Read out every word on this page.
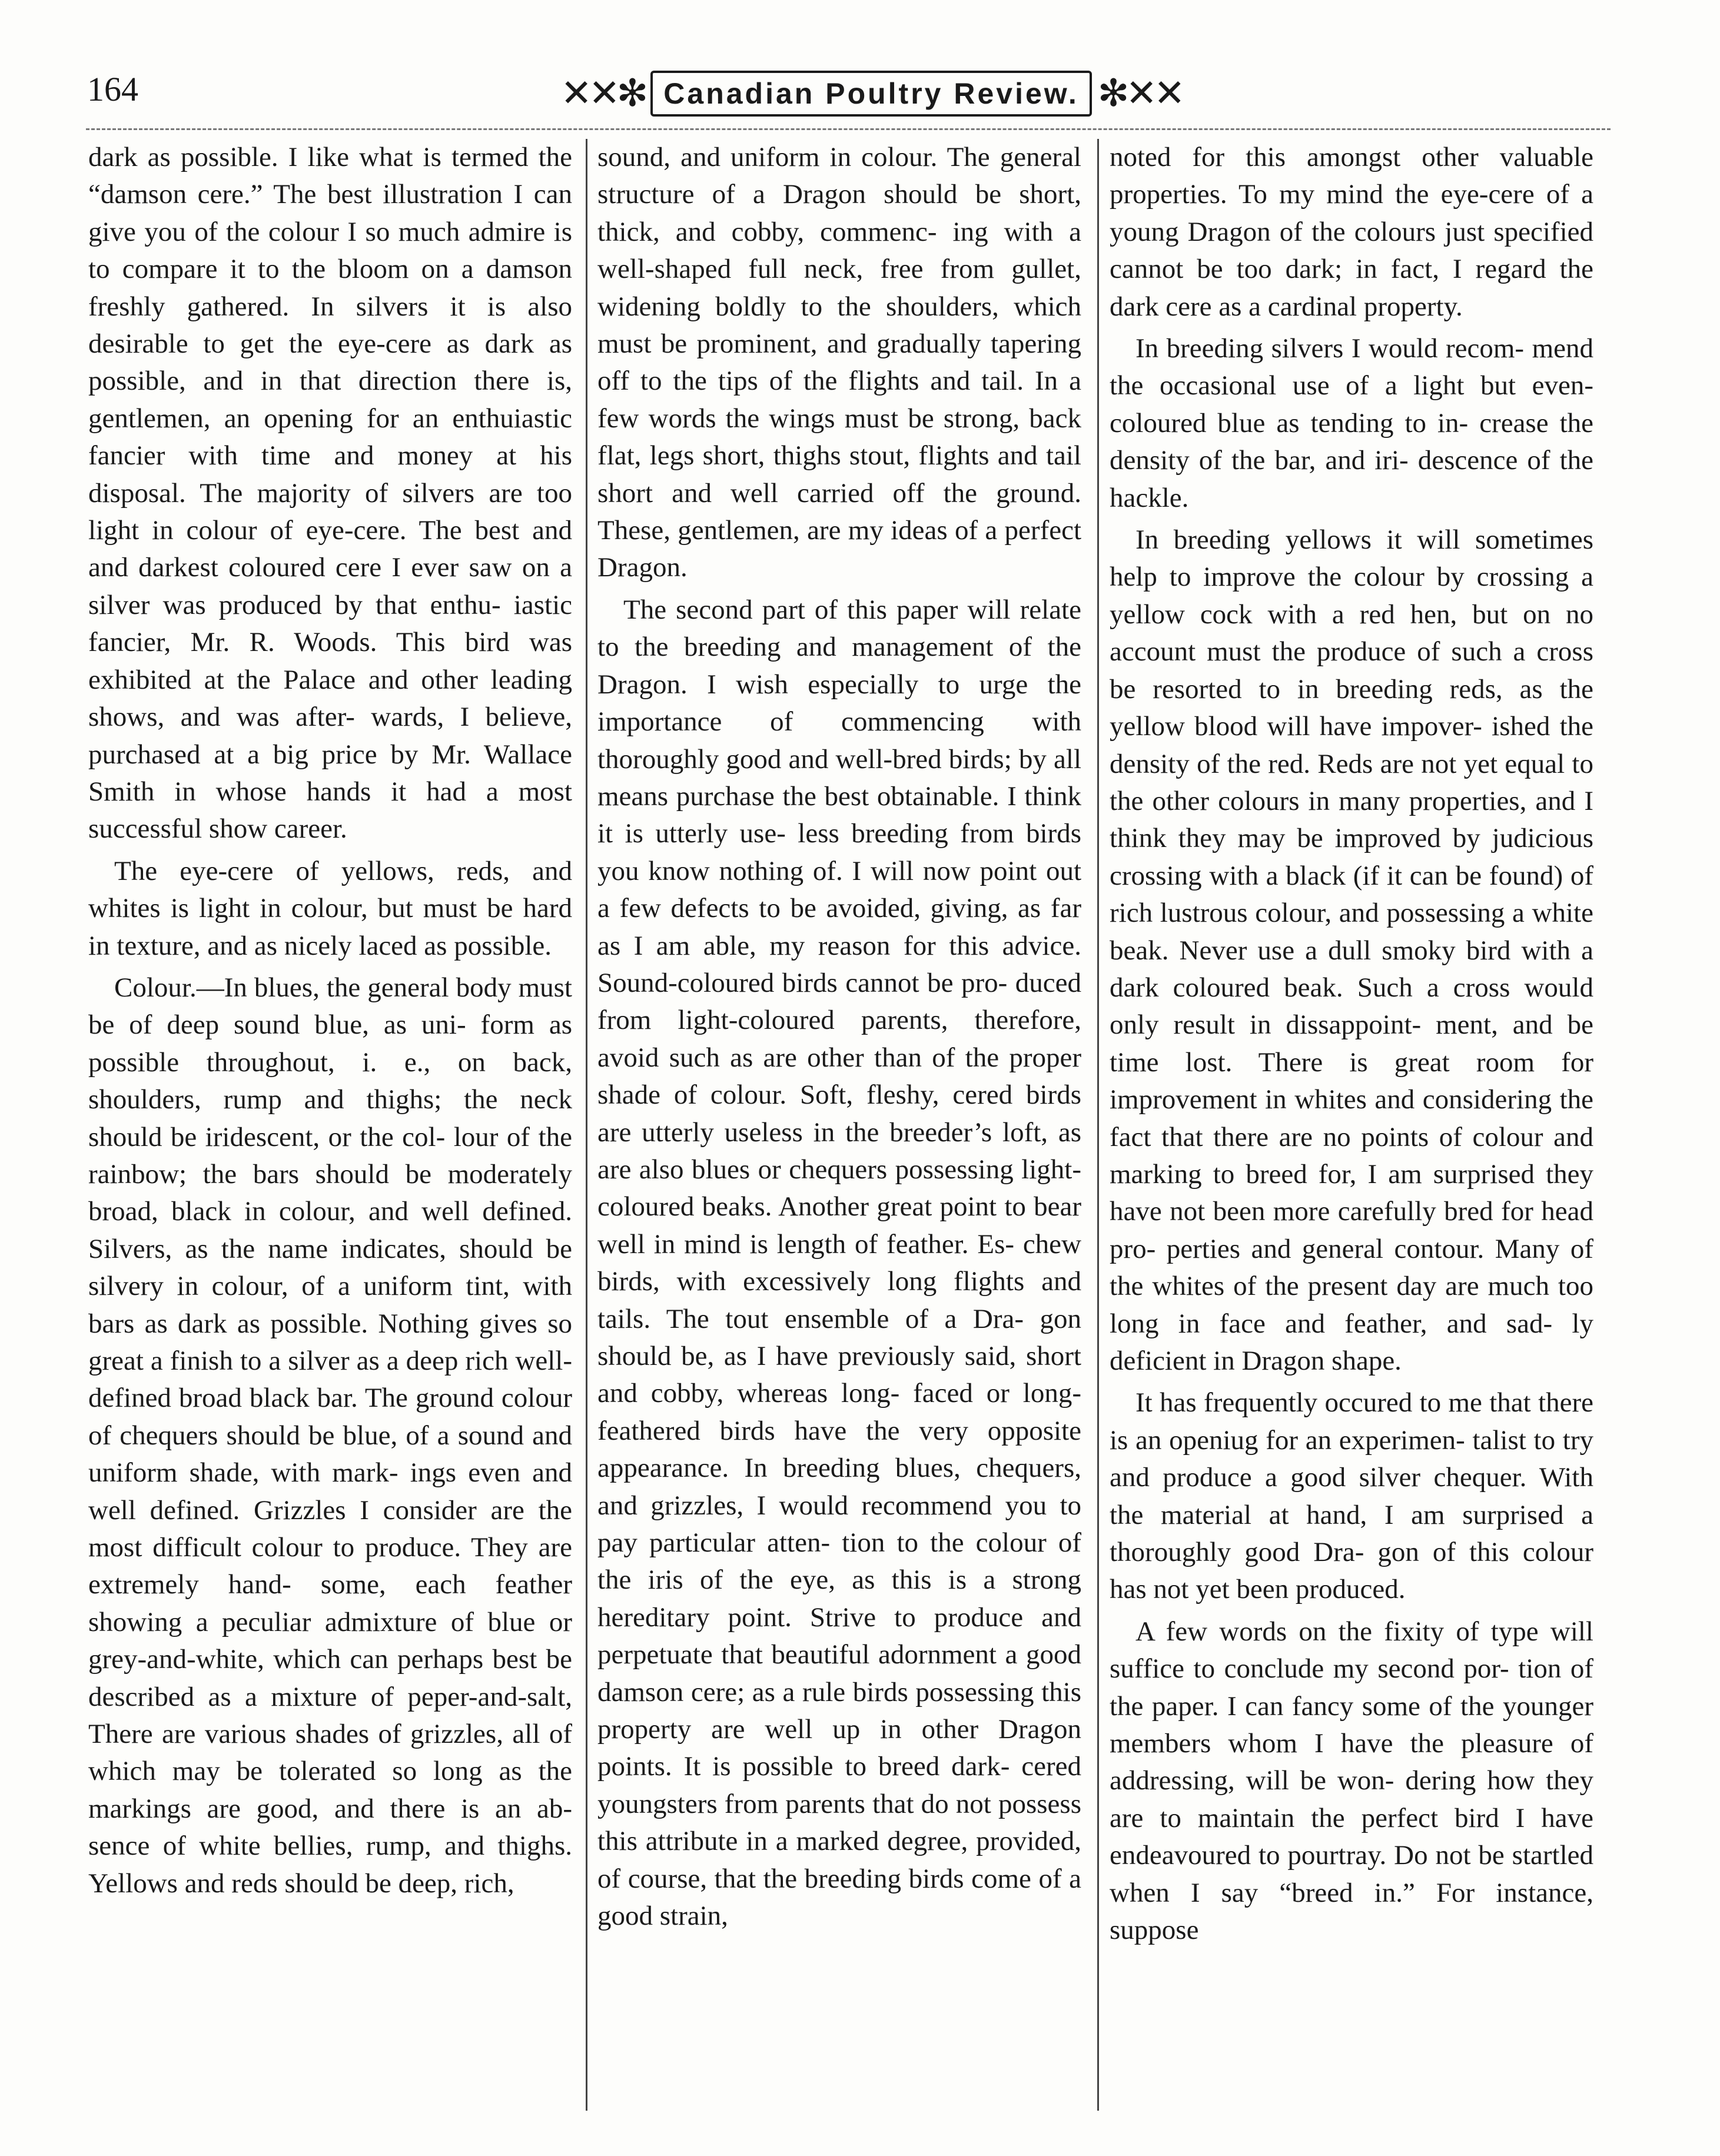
164	✕✕✻ Canadian Poultry Review. ✻✕✕

dark as possible. I like what is termed the “damson cere.” The best illustration I can give you of the colour I so much admire is to compare it to the bloom on a damson freshly gathered. In silvers it is also desirable to get the eye-cere as dark as possible, and in that direction there is, gentlemen, an opening for an enthuiastic fancier with time and money at his disposal. The majority of silvers are too light in colour of eye-cere. The best and and darkest coloured cere I ever saw on a silver was produced by that enthu- iastic fancier, Mr. R. Woods. This bird was exhibited at the Palace and other leading shows, and was after- wards, I believe, purchased at a big price by Mr. Wallace Smith in whose hands it had a most successful show career.

The eye-cere of yellows, reds, and whites is light in colour, but must be hard in texture, and as nicely laced as possible.

Colour.—In blues, the general body must be of deep sound blue, as uni- form as possible throughout, i. e., on back, shoulders, rump and thighs; the neck should be iridescent, or the col- lour of the rainbow; the bars should be moderately broad, black in colour, and well defined. Silvers, as the name indicates, should be silvery in colour, of a uniform tint, with bars as dark as possible. Nothing gives so great a finish to a silver as a deep rich well- defined broad black bar. The ground colour of chequers should be blue, of a sound and uniform shade, with mark- ings even and well defined. Grizzles I consider are the most difficult colour to produce. They are extremely hand- some, each feather showing a peculiar admixture of blue or grey-and-white, which can perhaps best be described as a mixture of peper-and-salt, There are various shades of grizzles, all of which may be tolerated so long as the markings are good, and there is an ab- sence of white bellies, rump, and thighs. Yellows and reds should be deep, rich,

sound, and uniform in colour. The general structure of a Dragon should be short, thick, and cobby, commenc- ing with a well-shaped full neck, free from gullet, widening boldly to the shoulders, which must be prominent, and gradually tapering off to the tips of the flights and tail. In a few words the wings must be strong, back flat, legs short, thighs stout, flights and tail short and well carried off the ground. These, gentlemen, are my ideas of a perfect Dragon.

The second part of this paper will relate to the breeding and management of the Dragon. I wish especially to urge the importance of commencing with thoroughly good and well-bred birds; by all means purchase the best obtainable. I think it is utterly use- less breeding from birds you know nothing of. I will now point out a few defects to be avoided, giving, as far as I am able, my reason for this advice. Sound-coloured birds cannot be pro- duced from light-coloured parents, therefore, avoid such as are other than of the proper shade of colour. Soft, fleshy, cered birds are utterly useless in the breeder’s loft, as are also blues or chequers possessing light-coloured beaks. Another great point to bear well in mind is length of feather. Es- chew birds, with excessively long flights and tails. The tout ensemble of a Dra- gon should be, as I have previously said, short and cobby, whereas long- faced or long-feathered birds have the very opposite appearance. In breeding blues, chequers, and grizzles, I would recommend you to pay particular atten- tion to the colour of the iris of the eye, as this is a strong hereditary point. Strive to produce and perpetuate that beautiful adornment a good damson cere; as a rule birds possessing this property are well up in other Dragon points. It is possible to breed dark- cered youngsters from parents that do not possess this attribute in a marked degree, provided, of course, that the breeding birds come of a good strain,

noted for this amongst other valuable properties. To my mind the eye-cere of a young Dragon of the colours just specified cannot be too dark; in fact, I regard the dark cere as a cardinal property.

In breeding silvers I would recom- mend the occasional use of a light but even-coloured blue as tending to in- crease the density of the bar, and iri- descence of the hackle.

In breeding yellows it will sometimes help to improve the colour by crossing a yellow cock with a red hen, but on no account must the produce of such a cross be resorted to in breeding reds, as the yellow blood will have impover- ished the density of the red. Reds are not yet equal to the other colours in many properties, and I think they may be improved by judicious crossing with a black (if it can be found) of rich lustrous colour, and possessing a white beak. Never use a dull smoky bird with a dark coloured beak. Such a cross would only result in dissappoint- ment, and be time lost. There is great room for improvement in whites and considering the fact that there are no points of colour and marking to breed for, I am surprised they have not been more carefully bred for head pro- perties and general contour. Many of the whites of the present day are much too long in face and feather, and sad- ly deficient in Dragon shape.

It has frequently occured to me that there is an openiug for an experimen- talist to try and produce a good silver chequer. With the material at hand, I am surprised a thoroughly good Dra- gon of this colour has not yet been produced.

A few words on the fixity of type will suffice to conclude my second por- tion of the paper. I can fancy some of the younger members whom I have the pleasure of addressing, will be won- dering how they are to maintain the perfect bird I have endeavoured to pourtray. Do not be startled when I say “breed in.” For instance, suppose
